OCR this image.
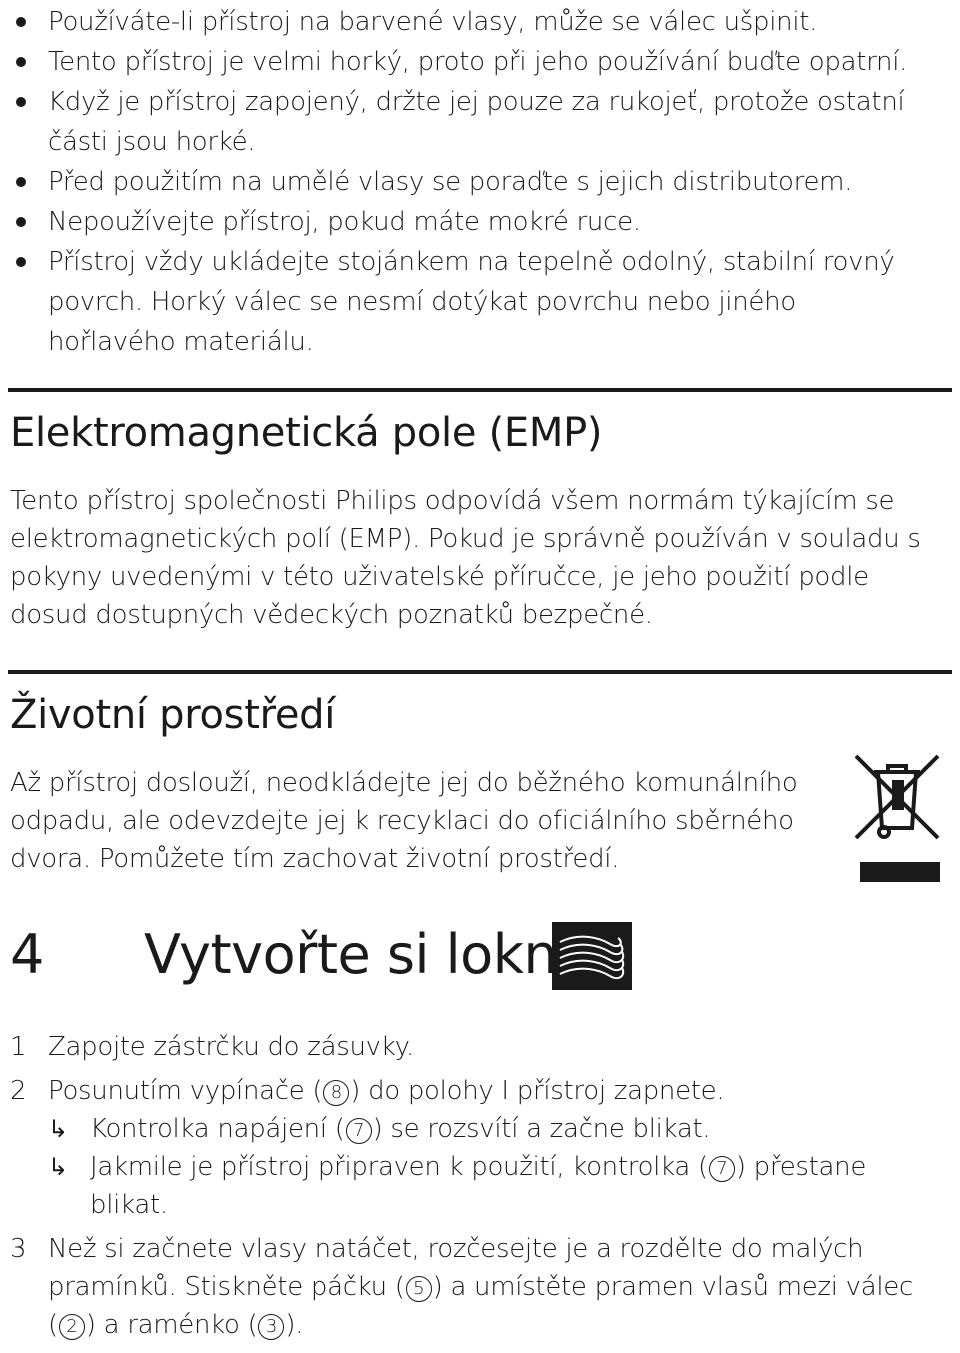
Používáte-li přístroj na barvené vlasy, může se válec ušpinit.
Tento přístroj je velmi horký, proto při jeho používání buďte opatrní.
Když je přístroj zapojený, držte jej pouze za rukojeť, protože ostatní části jsou horké.
Před použitím na umělé vlasy se poraďte s jejich distributorem.
Nepoužívejte přístroj, pokud máte mokré ruce.
Přístroj vždy ukládejte stojánkem na tepelně odolný, stabilní rovný povrch. Horký válec se nesmí dotýkat povrchu nebo jiného hořlavého materiálu.
Elektromagnetická pole (EMP)
Tento přístroj společnosti Philips odpovídá všem normám týkajícím se elektromagnetických polí (EMP). Pokud je správně používán v souladu s pokyny uvedenými v této uživatelské příručce, je jeho použití podle dosud dostupných vědeckých poznatků bezpečné.
Životní prostředí
Až přístroj doslouží, neodkládejte jej do běžného komunálního odpadu, ale odevzdejte jej k recyklaci do oficiálního sběrného dvora. Pomůžete tím zachovat životní prostředí.
4 Vytvořte si lokny
1 Zapojte zástrčku do zásuvky.
2 Posunutím vypínače ( 8 ) do polohy I přístroj zapnete.
↳ Kontrolka napájení ( 7 ) se rozsvítí a začne blikat.
↳ Jakmile je přístroj připraven k použití, kontrolka ( 7 ) přestane blikat.
3 Než si začnete vlasy natáčet, rozčesejte je a rozdělte do malých pramínků. Stiskněte páčku ( 5 ) a umístěte pramen vlasů mezi válec ( 2 ) a raménko ( 3 ).
